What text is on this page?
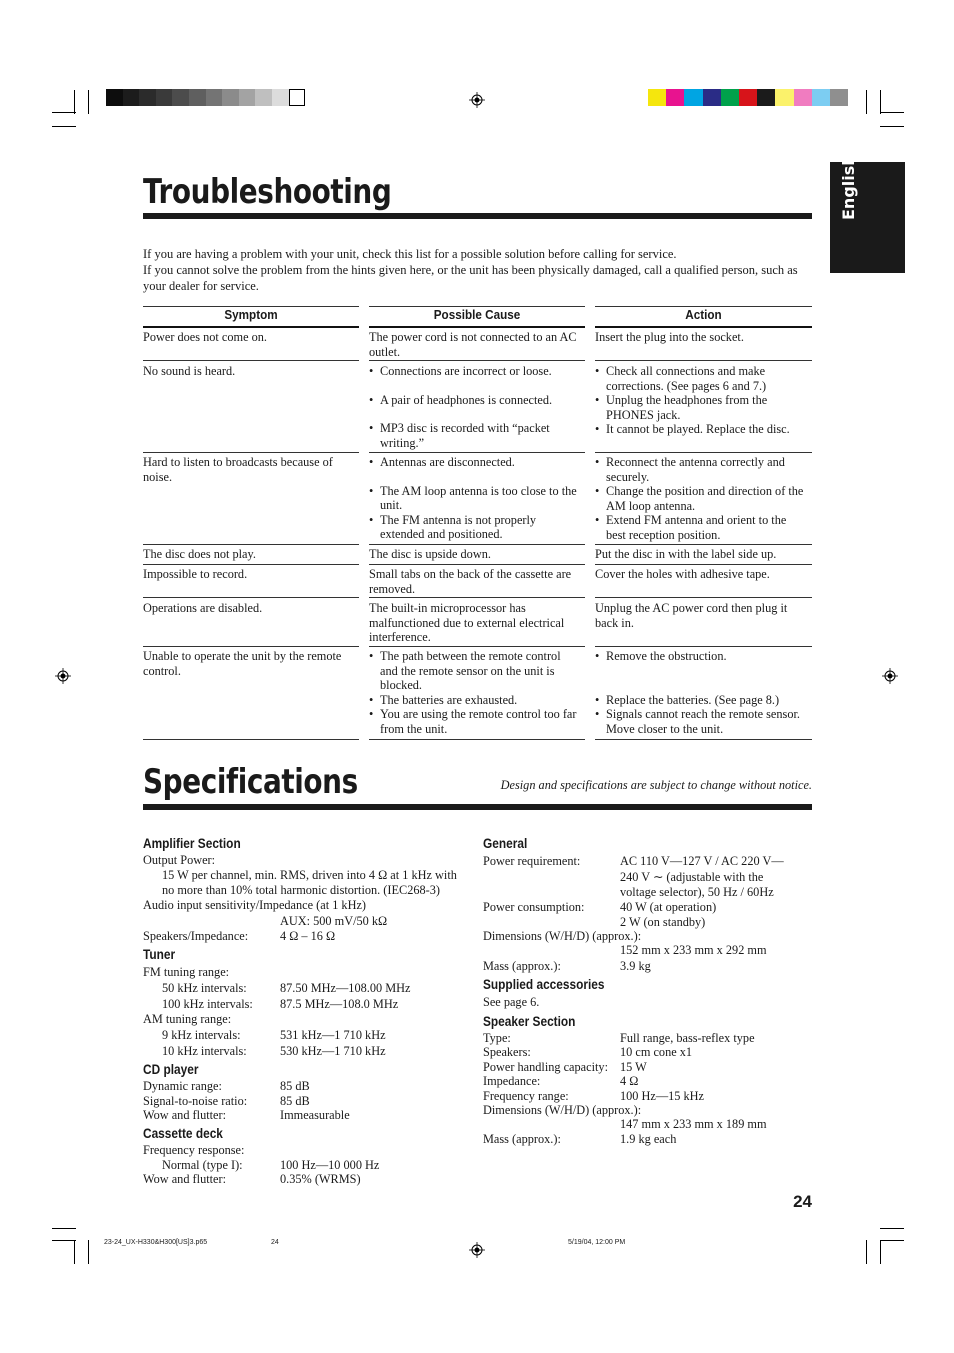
English
Troubleshooting

If you are having a problem with your unit, check this list for a possible solution before calling for service.

If you cannot solve the problem from the hints given here, or the unit has been physically damaged, call a qualified person, such as your dealer for service.

Symptom	Possible Cause	Action
Power does not come on.	The power cord is not connected to an AC outlet.
Insert the plug into the socket.
No sound is heard.
•	Connections are incorrect or loose.
• A pair of headphones is connected.
• MP3 disc is recorded with “packet writing.”
• Check all connections and make corrections. (See pages 6 and 7.)
• Unplug the headphones from the PHONES jack.
• It cannot be played. Replace the disc.
Hard to listen to broadcasts because of noise.
• Antennas are disconnected.
• The AM loop antenna is too close to the unit.
• The FM antenna is not properly extended and positioned.
• Reconnect the antenna correctly and securely.
• Change the position and direction of the AM loop antenna.
• Extend FM antenna and orient to the best reception position.
The disc does not play.	The disc is upside down.	Put the disc in with the label side up.
Impossible to record.	Small tabs on the back of the cassette are removed.
Cover the holes with adhesive tape.
Operations are disabled.	The built-in microprocessor has malfunctioned due to external electrical interference.
Unplug the AC power cord then plug it back in.
Unable to operate the unit by the remote control.
• The path between the remote control and the remote sensor on the unit is blocked.
• The batteries are exhausted.
• You are using the remote control too far from the unit.
• Remove the obstruction.
• Replace the batteries. (See page 8.)
• Signals cannot reach the remote sensor. Move closer to the unit.
Specifications	Design and specifications are subject to change without notice.
Amplifier Section
Output Power:
15 W per channel, min. RMS, driven into 4 Ω at 1 kHz with no more than 10% total harmonic distortion. (IEC268-3)
Audio input sensitivity/Impedance (at 1 kHz)
AUX: 500 mV/50 kΩ
Speakers/Impedance:	4 Ω – 16 Ω
Tuner
FM tuning range:
50 kHz intervals:	87.50 MHz—108.00 MHz
100 kHz intervals: 87.5 MHz—108.0 MHz
AM tuning range:
9 kHz intervals:	531 kHz—1 710 kHz
10 kHz intervals:	530 kHz—1 710 kHz
CD player
Dynamic range:	85 dB
Signal-to-noise ratio:	85 dB
Wow and flutter:	Immeasurable
Cassette deck
Frequency response:
Normal (type I):	100 Hz—10 000 Hz
Wow and flutter:	0.35% (WRMS)
General
Power requirement:	AC 110 V—127 V / AC 220 V—
240 V ∼ (adjustable with the
voltage selector), 50 Hz / 60Hz
Power consumption:	40 W (at operation)
2 W (on standby)
Dimensions (W/H/D) (approx.):
152 mm x 233 mm x 292 mm
Mass (approx.):	3.9 kg
Supplied accessories
See page 6.
Speaker Section
Type:	Full range, bass-reflex type
Speakers:	10 cm cone x1
Power handling capacity: 15 W
Impedance:	4 Ω
Frequency range:	100 Hz—15 kHz
Dimensions (W/H/D) (approx.):
147 mm x 233 mm x 189 mm
Mass (approx.):	1.9 kg each
24
23-24_UX-H330&H300[US]3.p65	24	5/19/04, 12:00 PM
